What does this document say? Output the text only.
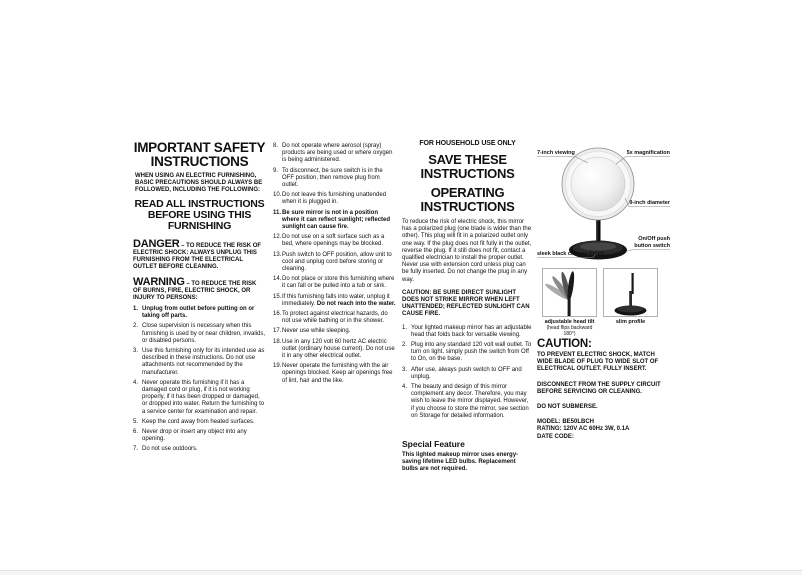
IMPORTANT SAFETY INSTRUCTIONS

WHEN USING AN ELECTRIC FURNISHING, BASIC PRECAUTIONS SHOULD ALWAYS BE FOLLOWED, INCLUDING THE FOLLOWING:

READ ALL INSTRUCTIONS BEFORE USING THIS FURNISHING

DANGER – TO REDUCE THE RISK OF ELECTRIC SHOCK: ALWAYS UNPLUG THIS FURNISHING FROM THE ELECTRICAL OUTLET BEFORE CLEANING.

WARNING – TO REDUCE THE RISK OF BURNS, FIRE, ELECTRIC SHOCK, OR INJURY TO PERSONS:

1. Unplug from outlet before putting on or taking off parts.
2. Close supervision is necessary when this furnishing is used by or near children, invalids, or disabled persons.
3. Use this furnishing only for its intended use as described in these instructions. Do not use attachments not recommended by the manufacturer.
4. Never operate this furnishing if it has a damaged cord or plug, if it is not working properly, if it has been dropped or damaged, or dropped into water. Return the furnishing to a service center for examination and repair.
5. Keep the cord away from heated surfaces.
6. Never drop or insert any object into any opening.
7. Do not use outdoors.
8. Do not operate where aerosol (spray) products are being used or where oxygen is being administered.
9. To disconnect, be sure switch is in the OFF position, then remove plug from outlet.
10. Do not leave this furnishing unattended when it is plugged in.
11. Be sure mirror is not in a position where it can reflect sunlight; reflected sunlight can cause fire.
12. Do not use on a soft surface such as a bed, where openings may be blocked.
13. Push switch to OFF position, allow unit to cool and unplug cord before storing or cleaning.
14. Do not place or store this furnishing where it can fall or be pulled into a tub or sink.
15. If this furnishing falls into water, unplug it immediately. Do not reach into the water.
16. To protect against electrical hazards, do not use while bathing or in the shower.
17. Never use while sleeping.
18. Use in any 120 volt 60 hertz AC electric outlet (ordinary house current). Do not use it in any other electrical outlet.
19. Never operate the furnishing with the air openings blocked. Keep air openings free of lint, hair and the like.
FOR HOUSEHOLD USE ONLY
SAVE THESE INSTRUCTIONS
OPERATING INSTRUCTIONS

To reduce the risk of electric shock, this mirror has a polarized plug (one blade is wider than the other). This plug will fit in a polarized outlet only one way. If the plug does not fit fully in the outlet, reverse the plug. If it still does not fit, contact a qualified electrician to install the proper outlet. Never use with extension cord unless plug can be fully inserted. Do not change the plug in any way.

CAUTION: BE SURE DIRECT SUNLIGHT DOES NOT STRIKE MIRROR WHEN LEFT UNATTENDED; REFLECTED SUNLIGHT CAN CAUSE FIRE.

1. Your lighted makeup mirror has an adjustable head that folds back for versatile viewing.
2. Plug into any standard 120 volt wall outlet. To turn on light, simply push the switch from Off to On, on the base.
3. After use, always push switch to OFF and unplug.
4. The beauty and design of this mirror complement any decor. Therefore, you may wish to leave the mirror displayed. However, if you choose to store the mirror, see section on Storage for detailed information.
Special Feature

This lighted makeup mirror uses energy-saving lifetime LED bulbs. Replacement bulbs are not required.

7-inch viewing	5x magnification
9-inch diameter
sleek black chrome finish
On/Off push
button switch
adjustable head tilt
(head flips backward 180°)
slim profile
CAUTION:

TO PREVENT ELECTRIC SHOCK, MATCH WIDE BLADE OF PLUG TO WIDE SLOT OF ELECTRICAL OUTLET. FULLY INSERT.

DISCONNECT FROM THE SUPPLY CIRCUIT BEFORE SERVICING OR CLEANING.

DO NOT SUBMERSE.

MODEL: BE50LBCH

RATING: 120V AC 60Hz 3W, 0.1A

DATE CODE:
